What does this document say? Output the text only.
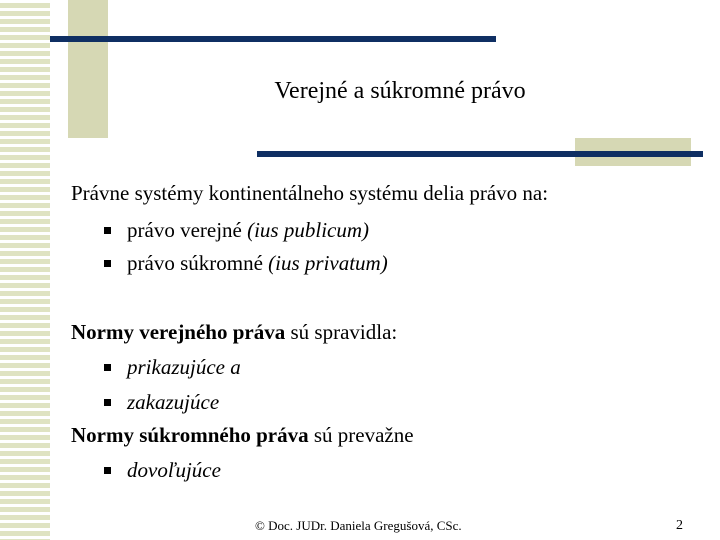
Verejné a súkromné právo
Právne systémy kontinentálneho systému delia právo na:
právo verejné (ius publicum)
právo súkromné (ius privatum)
Normy verejného práva sú spravidla:
prikazujúce a
zakazujúce
Normy súkromného práva sú prevažne
dovoľujúce
© Doc. JUDr. Daniela Gregušová, CSc.	2
